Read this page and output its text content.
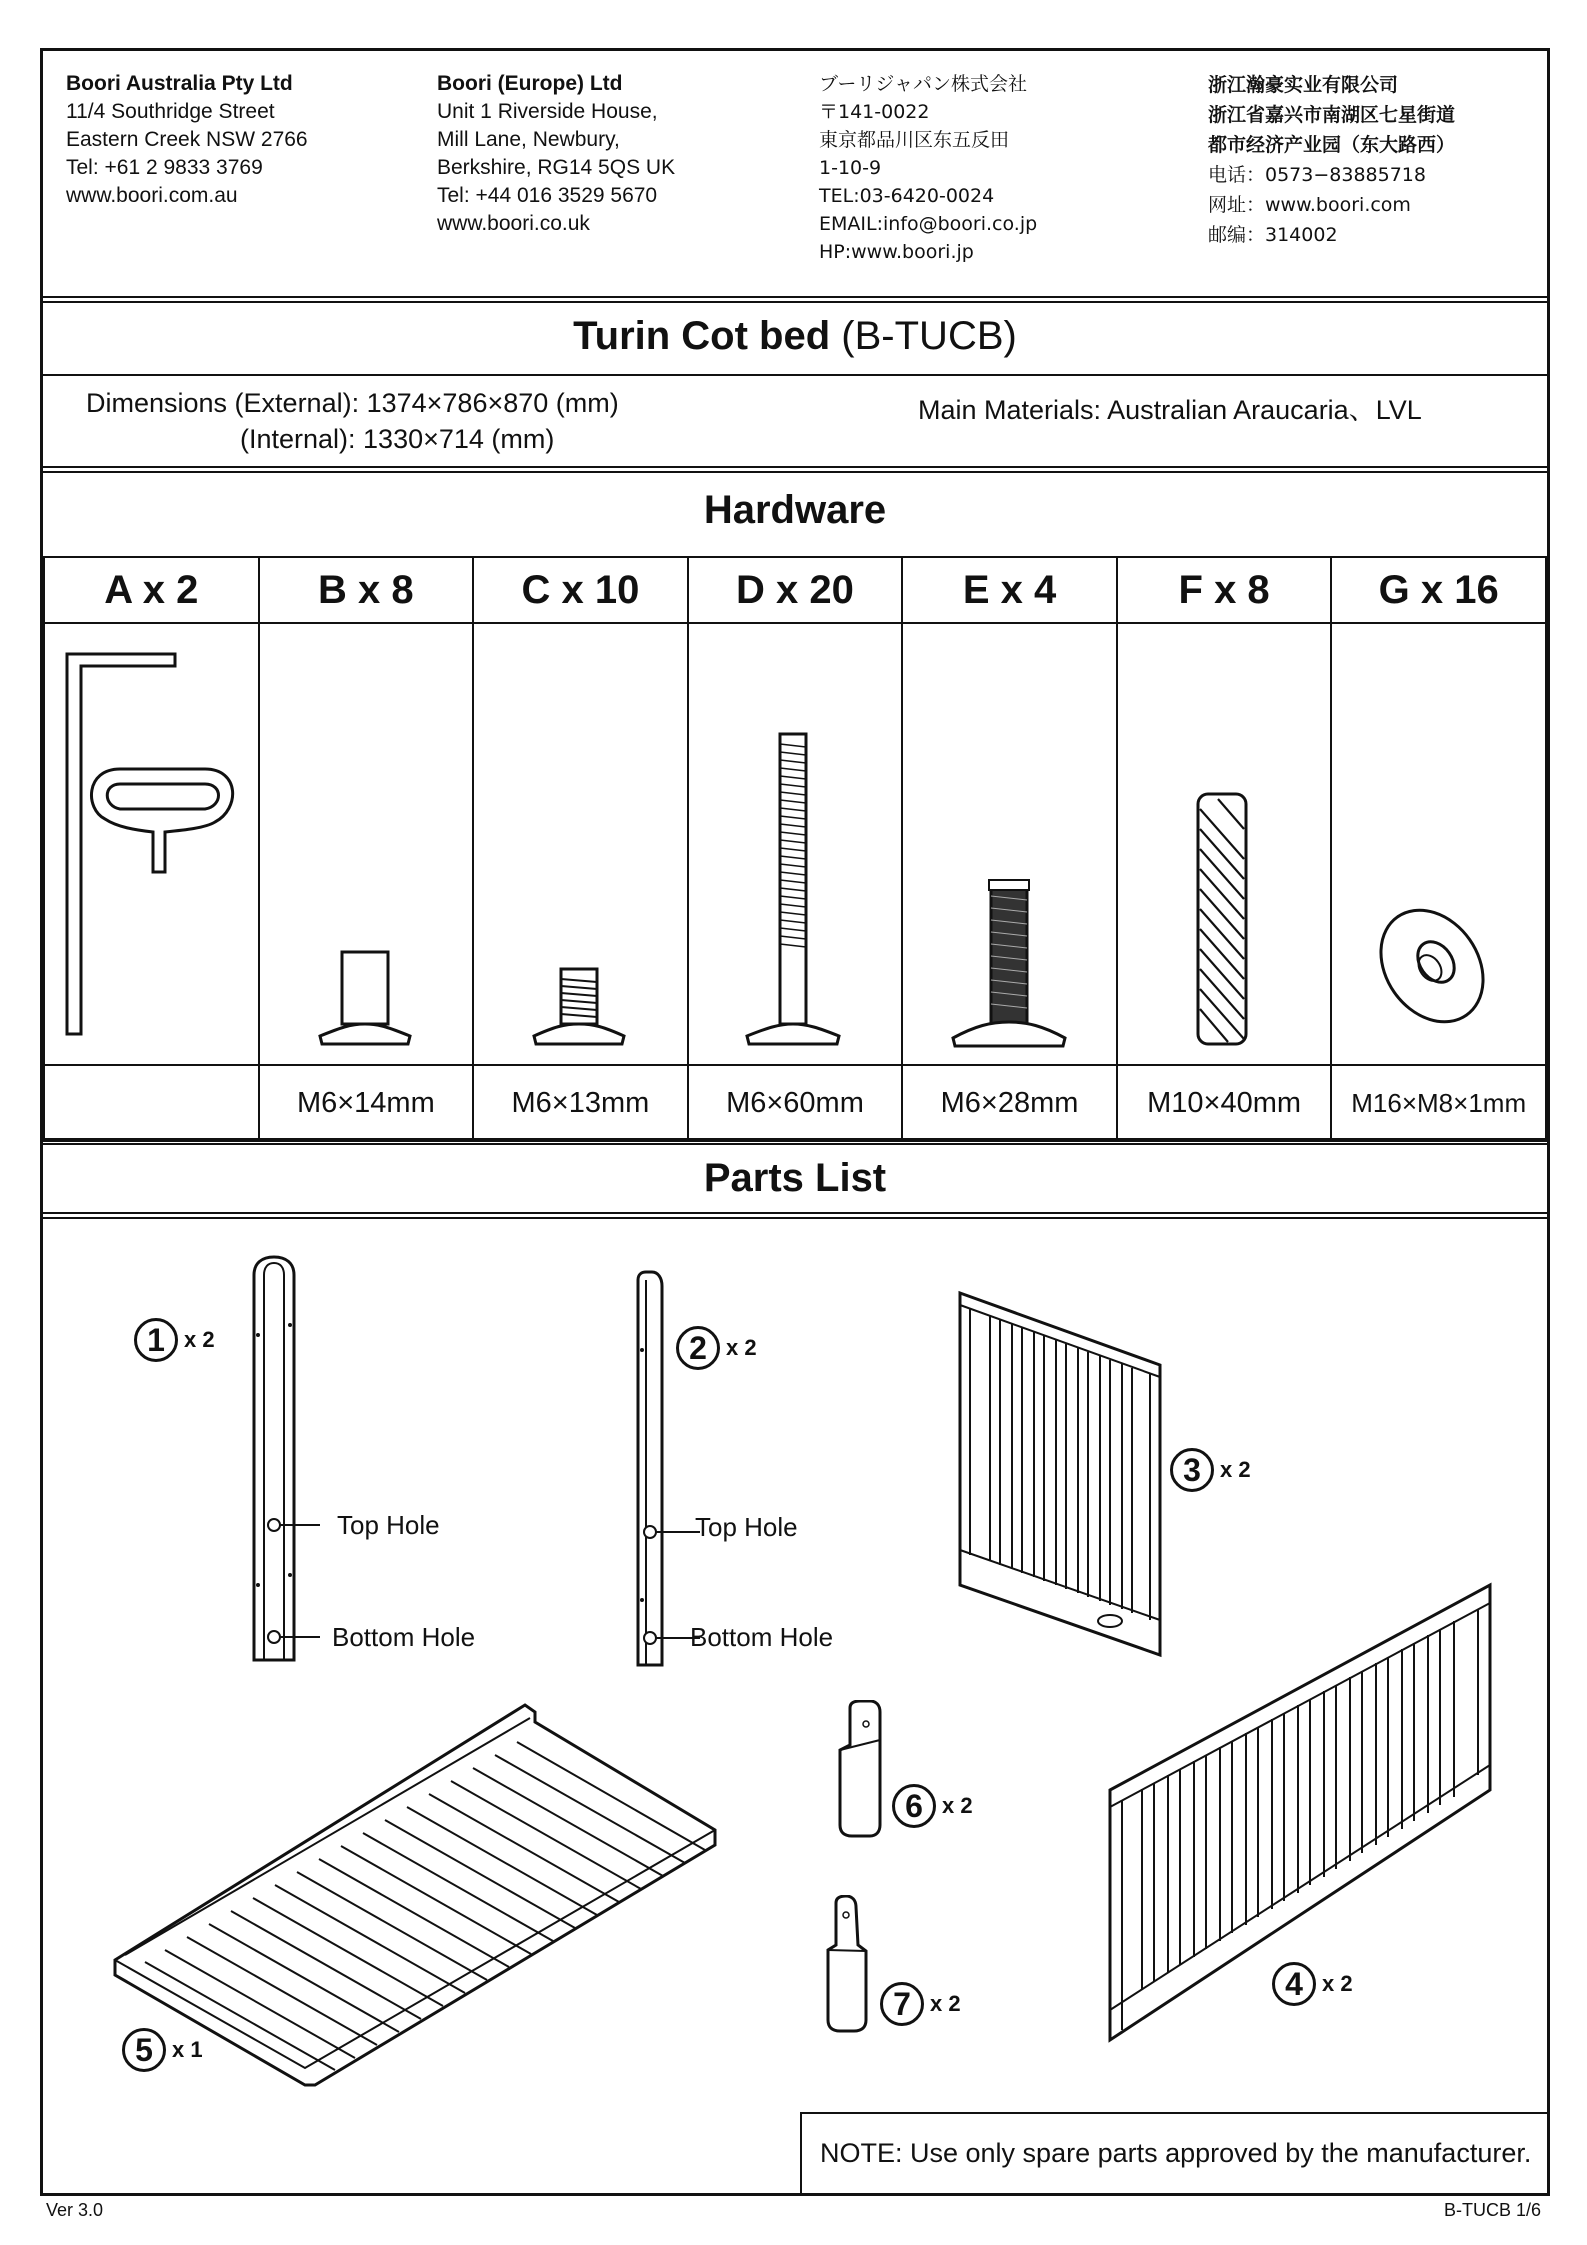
Boori Australia Pty Ltd
11/4 Southridge Street
Eastern Creek NSW 2766
Tel: +61 2 9833 3769
www.boori.com.au
Boori (Europe) Ltd
Unit 1 Riverside House,
Mill Lane, Newbury,
Berkshire, RG14 5QS UK
Tel: +44 016 3529 5670
www.boori.co.uk
ブーリジャパン株式会社
〒141-0022
東京都品川区东五反田
1-10-9
TEL:03-6420-0024
EMAIL:info@boori.co.jp
HP:www.boori.jp
浙江瀚豪实业有限公司
浙江省嘉兴市南湖区七星街道
都市经济产业园（东大路西）
电话：0573−83885718
网址：www.boori.com
邮编：314002
Turin Cot bed (B-TUCB)
Dimensions (External): 1374×786×870 (mm)
(Internal): 1330×714 (mm)
Main Materials: Australian Araucaria、LVL
Hardware
A x 2	B x 8	C x 10	D x 20	E x 4	F x 8	G x 16

	M6×14mm	M6×13mm	M6×60mm	M6×28mm	M10×40mm	M16×M8×1mm
Parts List
1 x 2
Top Hole
Bottom Hole
2 x 2
Top Hole
Bottom Hole
3 x 2
4 x 2
5 x 1
6 x 2
7 x 2
NOTE: Use only spare parts approved by the manufacturer.
Ver 3.0	B-TUCB 1/6
